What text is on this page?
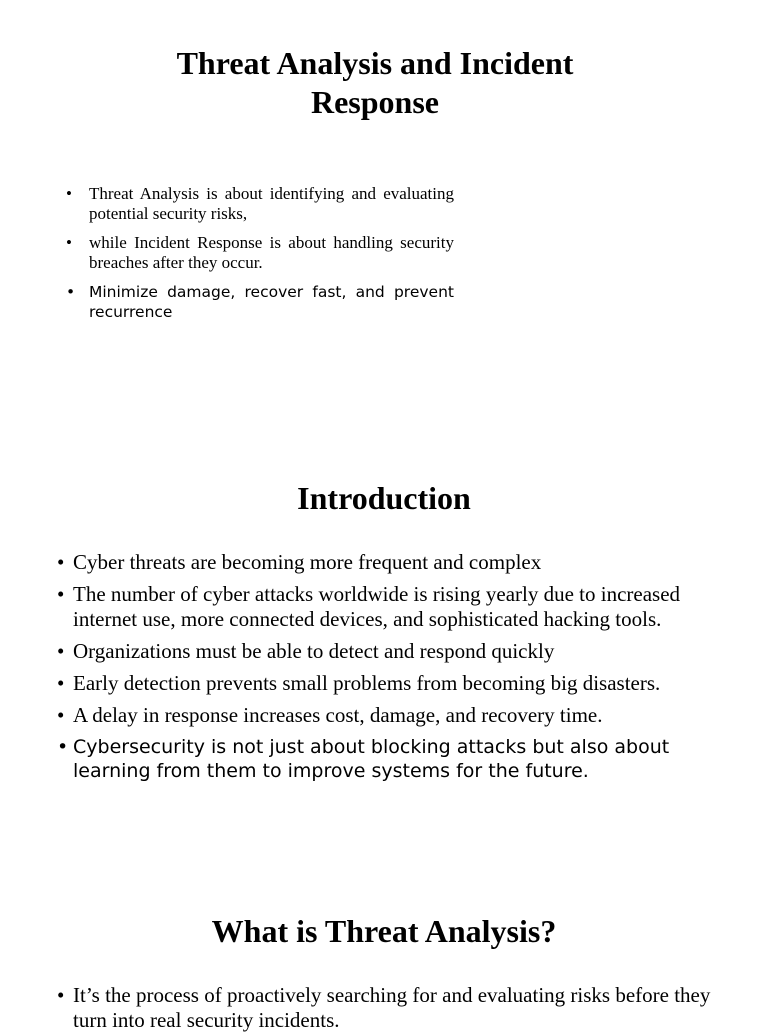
Threat Analysis and Incident Response
• Threat Analysis is about identifying and evaluating potential security risks,
• while Incident Response is about handling security breaches after they occur.
• Minimize damage, recover fast, and prevent recurrence
Introduction
• Cyber threats are becoming more frequent and complex
• The number of cyber attacks worldwide is rising yearly due to increased internet use, more connected devices, and sophisticated hacking tools.
• Organizations must be able to detect and respond quickly
• Early detection prevents small problems from becoming big disasters.
• A delay in response increases cost, damage, and recovery time.
• Cybersecurity is not just about blocking attacks but also about learning from them to improve systems for the future.
What is Threat Analysis?
• It’s the process of proactively searching for and evaluating risks before they turn into real security incidents.
